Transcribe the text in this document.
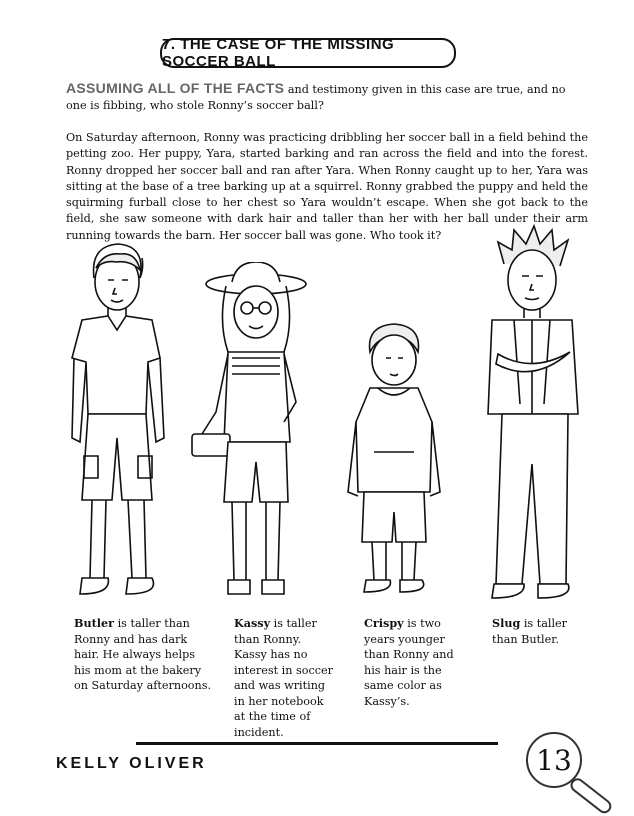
7. THE CASE OF THE MISSING SOCCER BALL
ASSUMING ALL OF THE FACTS and testimony given in this case are true, and no one is fibbing, who stole Ronny’s soccer ball?
On Saturday afternoon, Ronny was practicing dribbling her soccer ball in a field behind the petting zoo. Her puppy, Yara, started barking and ran across the field and into the forest. Ronny dropped her soccer ball and ran after Yara. When Ronny caught up to her, Yara was sitting at the base of a tree barking up at a squirrel. Ronny grabbed the puppy and held the squirming furball close to her chest so Yara wouldn’t escape. When she got back to the field, she saw someone with dark hair and taller than her with her ball under their arm running towards the barn. Her soccer ball was gone. Who took it?
Butler is taller than Ronny and has dark hair. He always helps his mom at the bakery on Saturday afternoons.
Kassy is taller than Ronny. Kassy has no interest in soccer and was writing in her notebook at the time of incident.
Crispy is two years younger than Ronny and his hair is the same color as Kassy’s.
Slug is taller than Butler.
KELLY OLIVER	13
